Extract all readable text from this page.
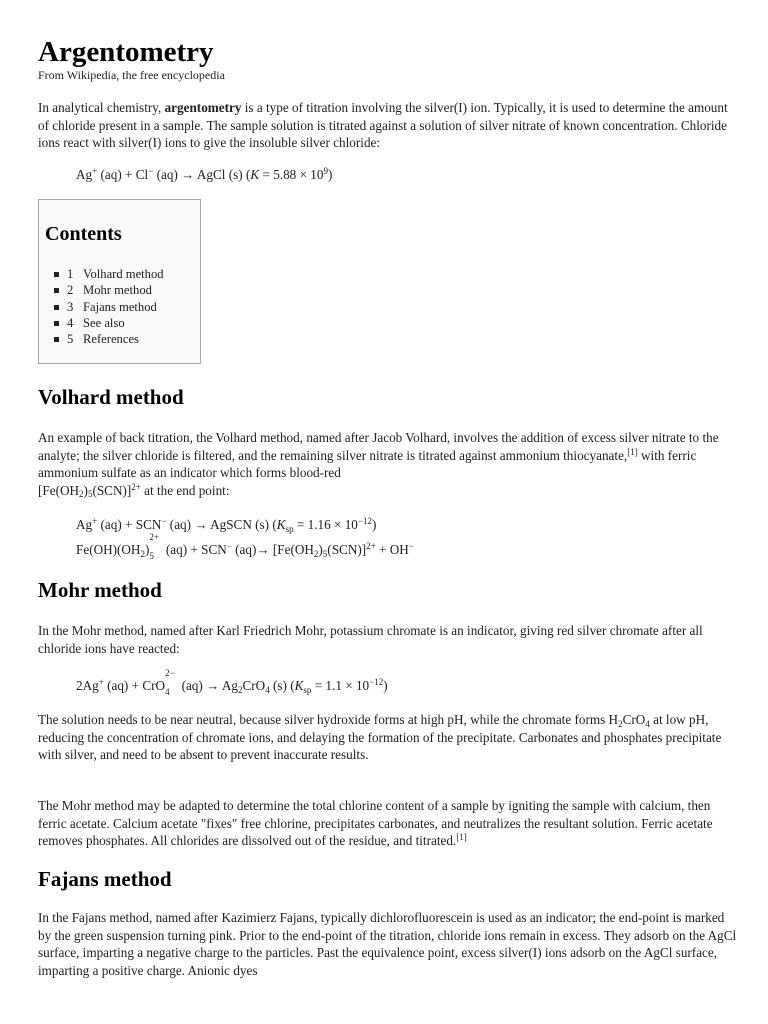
Argentometry
From Wikipedia, the free encyclopedia

In analytical chemistry, argentometry is a type of titration involving the silver(I) ion. Typically, it is used to determine the amount of chloride present in a sample. The sample solution is titrated against a solution of silver nitrate of known concentration. Chloride ions react with silver(I) ions to give the insoluble silver chloride:

Ag+ (aq) + Cl− (aq) → AgCl (s) $(K = 5.88 \times 10^9)$
Contents
1 Volhard method
2 Mohr method
3 Fajans method
4 See also
5 References
Volhard method

An example of back titration, the Volhard method, named after Jacob Volhard, involves the addition of excess silver nitrate to the analyte; the silver chloride is filtered, and the remaining silver nitrate is titrated against ammonium thiocyanate,[1] with ferric ammonium sulfate as an indicator which forms blood-red
$[Fe(OH_2)_5(SCN)]^{2+}$ at the end point:

Ag+ (aq) + SCN− (aq) → AgSCN (s) $(K_{sp} = 1.16 \times 10^{-12})$
$Fe(OH)(OH_2)$
2+
5 (aq) + SCN− $(aq)\to [Fe(OH_2)_5(SCN)]^{2+} + OH^-$
Mohr method

In the Mohr method, named after Karl Friedrich Mohr, potassium chromate is an indicator, giving red silver chromate after all chloride ions have reacted:

2Ag+ (aq) + CrO
2−
4 $(aq) \to Ag_2CrO_4$ (s) $(K_{sp} = 1.1 \times 10^{-12})$

The solution needs to be near neutral, because silver hydroxide forms at high pH, while the chromate forms $H_2CrO_4$ at low pH, reducing the concentration of chromate ions, and delaying the formation of the precipitate. Carbonates and phosphates precipitate with silver, and need to be absent to prevent inaccurate results.

The Mohr method may be adapted to determine the total chlorine content of a sample by igniting the sample with calcium, then ferric acetate. Calcium acetate "fixes" free chlorine, precipitates carbonates, and neutralizes the resultant solution. Ferric acetate removes phosphates. All chlorides are dissolved out of the residue, and titrated.[1]

Fajans method

In the Fajans method, named after Kazimierz Fajans, typically dichlorofluorescein is used as an indicator; the end-point is marked by the green suspension turning pink. Prior to the end-point of the titration, chloride ions remain in excess. They adsorb on the AgCl surface, imparting a negative charge to the particles. Past the equivalence point, excess silver(I) ions adsorb on the AgCl surface, imparting a positive charge. Anionic dyes
